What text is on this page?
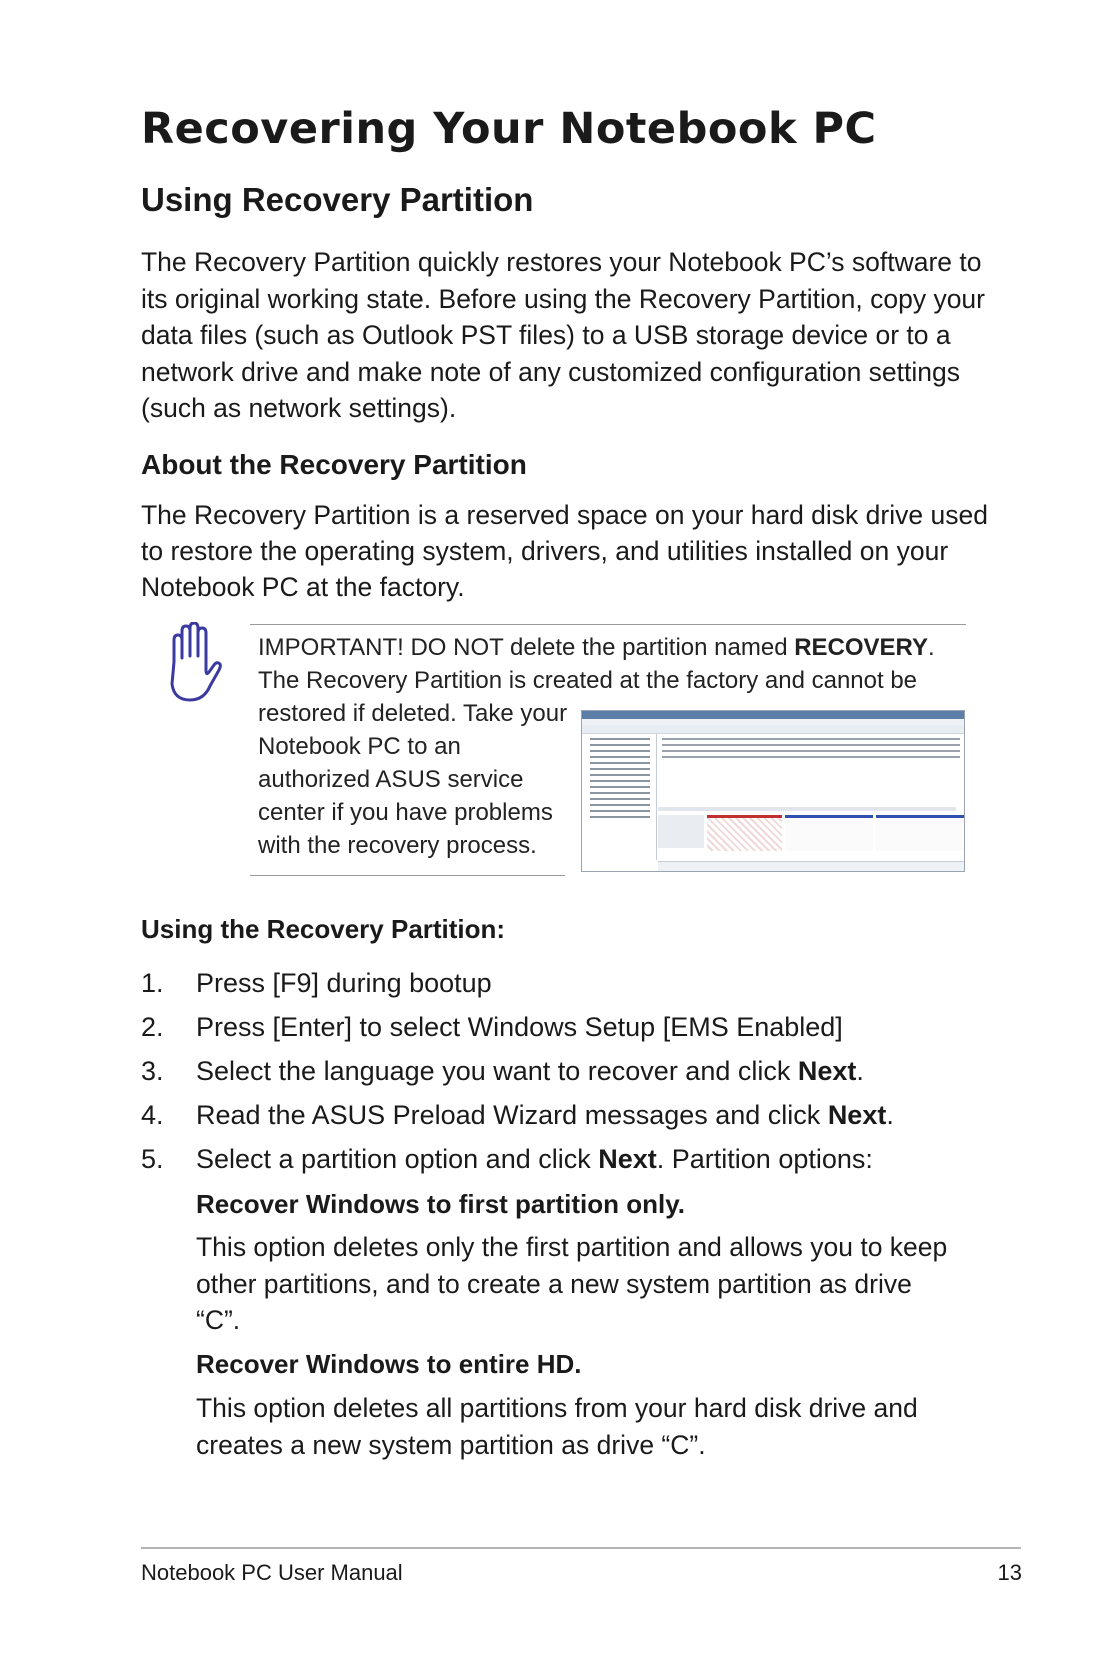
Recovering Your Notebook PC
Using Recovery Partition

The Recovery Partition quickly restores your Notebook PC’s software to its original working state. Before using the Recovery Partition, copy your data files (such as Outlook PST files) to a USB storage device or to a network drive and make note of any customized configuration settings (such as network settings).

About the Recovery Partition

The Recovery Partition is a reserved space on your hard disk drive used to restore the operating system, drivers, and utilities installed on your Notebook PC at the factory.

IMPORTANT! DO NOT delete the partition named RECOVERY. The Recovery Partition is created at the factory and cannot be

restored if deleted. Take your Notebook PC to an authorized ASUS service center if you have problems with the recovery process.

Using the Recovery Partition:
1. Press [F9] during bootup
2. Press [Enter] to select Windows Setup [EMS Enabled]
3. Select the language you want to recover and click Next.
4. Read the ASUS Preload Wizard messages and click Next.
5. Select a partition option and click Next. Partition options:

Recover Windows to first partition only.

This option deletes only the first partition and allows you to keep other partitions, and to create a new system partition as drive “C”.

Recover Windows to entire HD.

This option deletes all partitions from your hard disk drive and creates a new system partition as drive “C”.

Notebook PC User Manual	13
